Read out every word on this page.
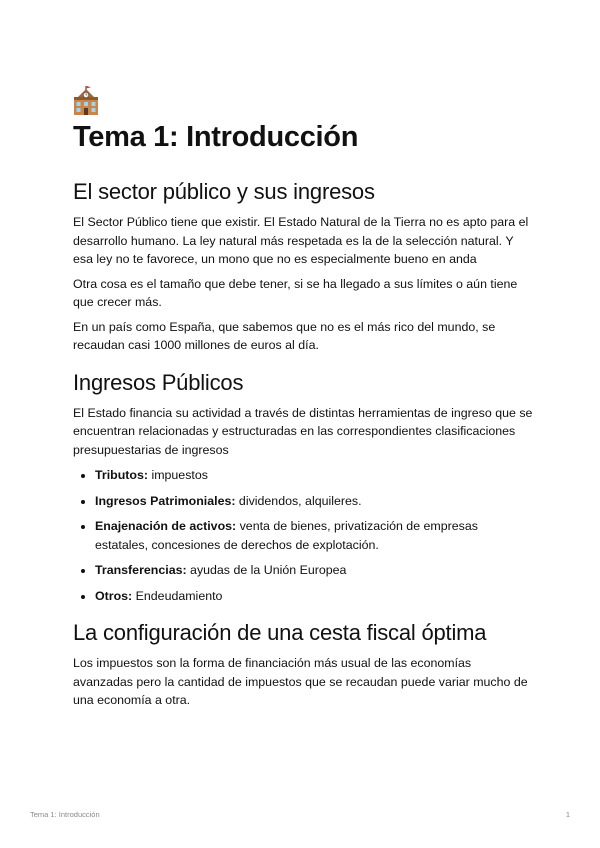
Tema 1: Introducción
El sector público y sus ingresos

El Sector Público tiene que existir. El Estado Natural de la Tierra no es apto para el desarrollo humano. La ley natural más respetada es la de la selección natural. Y esa ley no te favorece, un mono que no es especialmente bueno en anda

Otra cosa es el tamaño que debe tener, si se ha llegado a sus límites o aún tiene que crecer más.

En un país como España, que sabemos que no es el más rico del mundo, se recaudan casi 1000 millones de euros al día.

Ingresos Públicos

El Estado financia su actividad a través de distintas herramientas de ingreso que se encuentran relacionadas y estructuradas en las correspondientes clasificaciones presupuestarias de ingresos

• Tributos: impuestos
• Ingresos Patrimoniales: dividendos, alquileres.
• Enajenación de activos: venta de bienes, privatización de empresas estatales, concesiones de derechos de explotación.
• Transferencias: ayudas de la Unión Europea
• Otros: Endeudamiento
La configuración de una cesta fiscal óptima

Los impuestos son la forma de financiación más usual de las economías avanzadas pero la cantidad de impuestos que se recaudan puede variar mucho de una economía a otra.

Tema 1: Introducción	1
